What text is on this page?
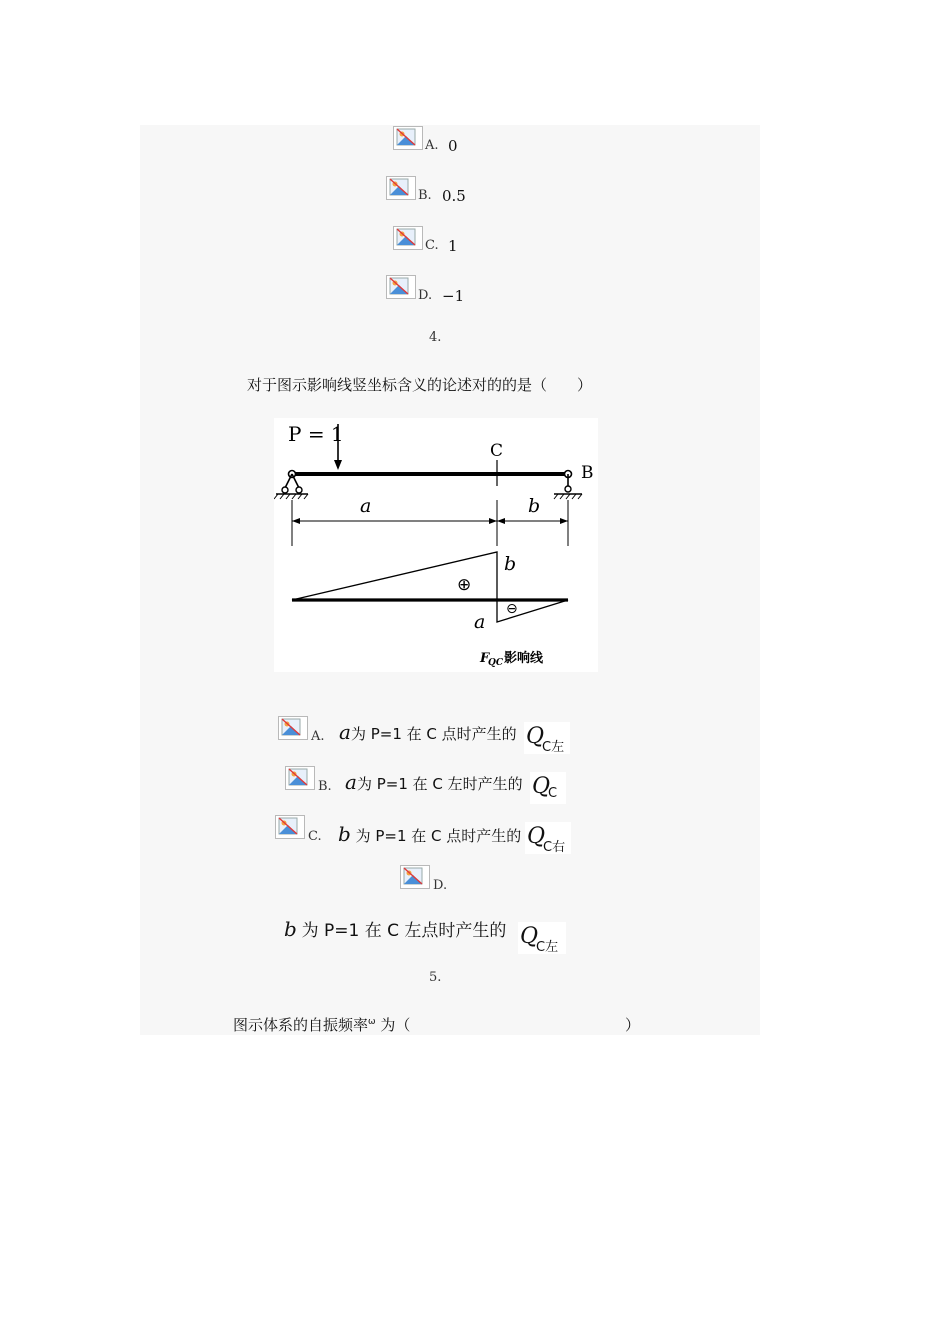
A. 0
B. 0.5
C. 1
D. −1
4.
对于图示影响线竖坐标含义的论述对的的是（　　）
P = 1
B
C
a	b
b
a
⊕
⊖
F
QC 影响线
A. a为 P=1 在 C 点时产生的 Q
C左
B. a为 P=1 在 C 左时产生的 Q
C
C. b 为 P=1 在 C 点时产生的 Q
C右
D.
b 为 P=1 在 C 左点时产生的 Q
C左
5.
图示体系的自振频率$^\omega$ 为（	）
